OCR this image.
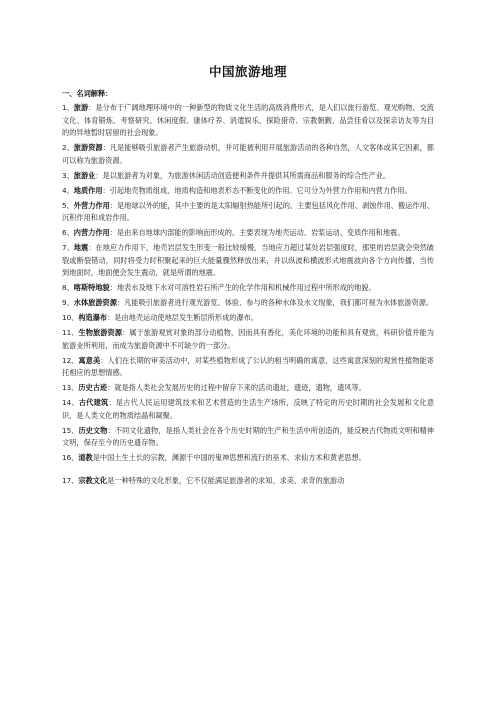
中国旅游地理
一、名词解释：
1、旅游：是分布于广阔地理环境中的一种新型的物质文化生活的高级消费形式，是人们以旅行游览、观光购物、交流文化、体育锻炼、考察研究、休闲度假、康体疗养、消遣娱乐、探险猎奇、宗教朝觐、品尝佳肴以及探亲访友等为目的的异地暂时居留的社会现象。
2、旅游资源：凡是能够吸引旅游者产生旅游动机，并可能被利用开展旅游活动的各种自然，人文客体或其它因素，都可以称为旅游资源。
3、旅游业：是以旅游者为对象，为旅游休闲活动创造便利条件并提供其所需商品和服务的综合性产业。
4、地质作用：引起地壳物质组成、地质构造和地表形态不断变化的作用。它可分为外营力作用和内营力作用。
5、外营力作用：是地球以外的能，其中主要的是太阳辐射热能所引起的。主要包括风化作用、剥蚀作用、搬运作用、沉积作用和成岩作用。
6、内营力作用：是由来自地球内部能的影响而形成的。主要表现为地壳运动、岩浆运动、变质作用和地震。
7、地震：在地应力作用下，地壳岩层发生形变一般比较缓慢，当地应力超过某处岩层强度时，那里的岩层就会突然破裂或断裂错动，同时将受力时积聚起来的巨大能量骤然释放出来，并以纵波和横波形式地震波向各个方向传播，当传到地面时，地面便会发生震动，就是所谓的地震。
8、喀斯特地貌：地表水及地下水对可溶性岩石所产生的化学作用和机械作用过程中所形成的地貌。
9、水体旅游资源：凡能吸引旅游者进行观光游览、体验、参与的各种水体及水文现象，我们都可视为水体旅游资源。
10、构造瀑布：是由地壳运动使地层发生断层所形成的瀑布。
11、生物旅游资源：属于旅游观赏对象的部分动植物，因而具有香化，美化环境的功能和具有观赏，科研价值并能为旅游业所利用，而成为旅游资源中不可缺少的一部分。
12、寓意美：人们在长期的审美活动中，对某些植物形成了公认的相当明确的寓意，这些寓意深刻的观赏性植物能寄托相应的思想情感。
13、历史古迹：就是指人类社会发展历史的过程中留存下来的活动遗址，遗迹，遗物，遗风等。
14、古代建筑：是古代人民运用建筑技术和艺术营造的生活生产场所，反映了特定的历史时期的社会发展和文化意识，是人类文化的物质结晶和凝聚。
15、历史文物：不同文化遗物，是指人类社会在各个历史时期的生产和生活中所创造的，能反映古代物质文明和精神文明，保存至今的历史遗存物。
16、道教是中国土生土长的宗教，渊源于中国的鬼神思想和流行的巫术、求仙方术和黄老思想。
17、宗教文化是一种特殊的文化形象，它不仅能满足旅游者的求知、求美、求奇的旅游动
